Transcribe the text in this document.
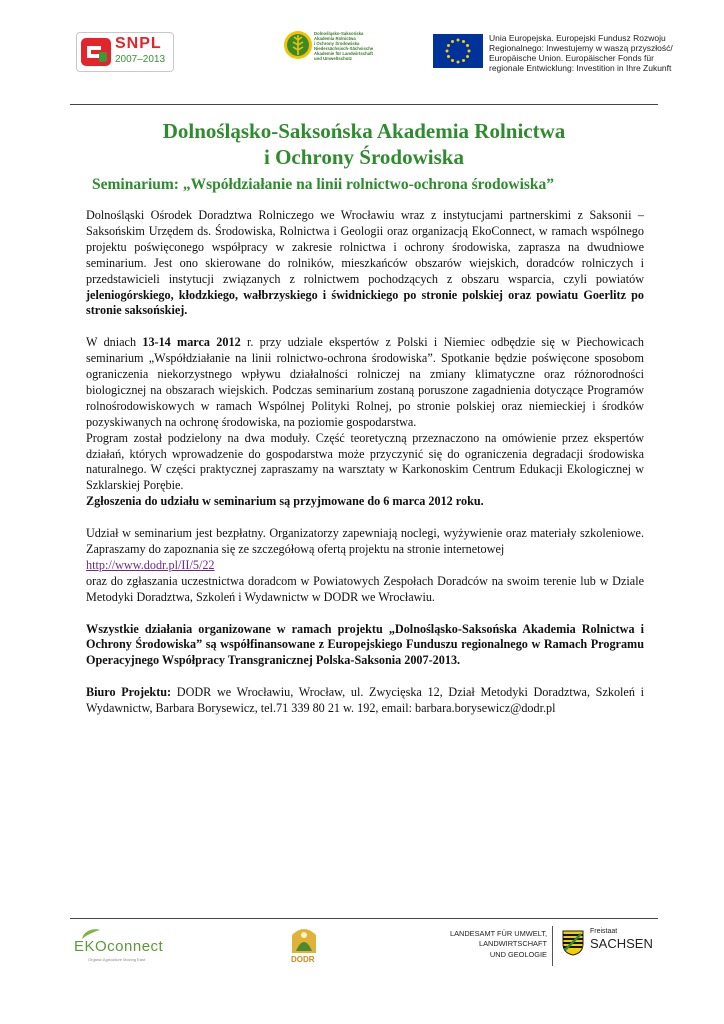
SNPL
2007–2013
Dolnośląsko-Saksońska
Akademia Rolnictwa
i Ochrony Środowiska
Niedersächsisch-Sächsische
Akademie für Landwirtschaft
und Umweltschutz
Unia Europejska. Europejski Fundusz Rozwoju
Regionalnego: Inwestujemy w waszą przyszłość/
Europäische Union. Europäischer Fonds für
regionale Entwicklung: Investition in Ihre Zukunft
Dolnośląsko-Saksońska Akademia Rolnictwa
i Ochrony Środowiska
Seminarium: „Współdziałanie na linii rolnictwo-ochrona środowiska”

Dolnośląski Ośrodek Doradztwa Rolniczego we Wrocławiu wraz z instytucjami partnerskimi z Saksonii – Saksońskim Urzędem ds. Środowiska, Rolnictwa i Geologii oraz organizacją EkoConnect, w ramach wspólnego projektu poświęconego współpracy w zakresie rolnictwa i ochrony środowiska, zaprasza na dwudniowe seminarium. Jest ono skierowane do rolników, mieszkańców obszarów wiejskich, doradców rolniczych i przedstawicieli instytucji związanych z rolnictwem pochodzących z obszaru wsparcia, czyli powiatów jeleniogórskiego, kłodzkiego, wałbrzyskiego i świdnickiego po stronie polskiej oraz powiatu Goerlitz po stronie saksońskiej.

W dniach 13-14 marca 2012 r. przy udziale ekspertów z Polski i Niemiec odbędzie się w Piechowicach seminarium „Współdziałanie na linii rolnictwo-ochrona środowiska”. Spotkanie będzie poświęcone sposobom ograniczenia niekorzystnego wpływu działalności rolniczej na zmiany klimatyczne oraz różnorodności biologicznej na obszarach wiejskich. Podczas seminarium zostaną poruszone zagadnienia dotyczące Programów rolnośrodowiskowych w ramach Wspólnej Polityki Rolnej, po stronie polskiej oraz niemieckiej i środków pozyskiwanych na ochronę środowiska, na poziomie gospodarstwa.

Program został podzielony na dwa moduły. Część teoretyczną przeznaczono na omówienie przez ekspertów działań, których wprowadzenie do gospodarstwa może przyczynić się do ograniczenia degradacji środowiska naturalnego. W części praktycznej zapraszamy na warsztaty w Karkonoskim Centrum Edukacji Ekologicznej w Szklarskiej Porębie.

Zgłoszenia do udziału w seminarium są przyjmowane do 6 marca 2012 roku.

Udział w seminarium jest bezpłatny. Organizatorzy zapewniają noclegi, wyżywienie oraz materiały szkoleniowe. Zapraszamy do zapoznania się ze szczegółową ofertą projektu na stronie internetowej
http://www.dodr.pl/II/5/22
oraz do zgłaszania uczestnictwa doradcom w Powiatowych Zespołach Doradców na swoim terenie lub w Dziale Metodyki Doradztwa, Szkoleń i Wydawnictw w DODR we Wrocławiu.

Wszystkie działania organizowane w ramach projektu „Dolnośląsko-Saksońska Akademia Rolnictwa i Ochrony Środowiska” są współfinansowane z Europejskiego Funduszu regionalnego w Ramach Programu Operacyjnego Współpracy Transgranicznej Polska-Saksonia 2007-2013.

Biuro Projektu: DODR we Wrocławiu, Wrocław, ul. Zwycięska 12, Dział Metodyki Doradztwa, Szkoleń i Wydawnictw, Barbara Borysewicz, tel.71 339 80 21 w. 192, email: barbara.borysewicz@dodr.pl

EKOconnect
Organic Agriculture Moving East	DODR
LANDESAMT FÜR UMWELT,
LANDWIRTSCHAFT
UND GEOLOGIE
Freistaat
SACHSEN
